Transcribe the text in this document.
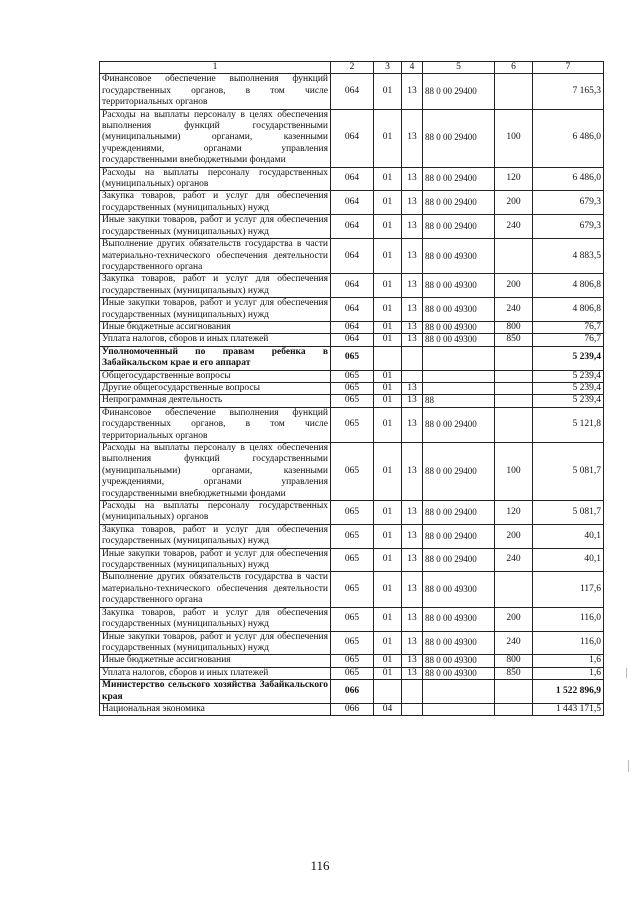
1	2	3	4	5	6	7
Финансовое обеспечение выполнения функций государственных органов, в том числе территориальных органов	064	01	13	88 0 00 29400		7 165,3
Расходы на выплаты персоналу в целях обеспечения выполнения функций государственными (муниципальными) органами, казенными учреждениями, органами управления государственными внебюджетными фондами	064	01	13	88 0 00 29400	100	6 486,0
Расходы на выплаты персоналу государственных (муниципальных) органов	064	01	13	88 0 00 29400	120	6 486,0
Закупка товаров, работ и услуг для обеспечения государственных (муниципальных) нужд	064	01	13	88 0 00 29400	200	679,3
Иные закупки товаров, работ и услуг для обеспечения государственных (муниципальных) нужд	064	01	13	88 0 00 29400	240	679,3
Выполнение других обязательств государства в части материально-технического обеспечения деятельности государственного органа	064	01	13	88 0 00 49300		4 883,5
Закупка товаров, работ и услуг для обеспечения государственных (муниципальных) нужд	064	01	13	88 0 00 49300	200	4 806,8
Иные закупки товаров, работ и услуг для обеспечения государственных (муниципальных) нужд	064	01	13	88 0 00 49300	240	4 806,8
Иные бюджетные ассигнования	064	01	13	88 0 00 49300	800	76,7
Уплата налогов, сборов и иных платежей	064	01	13	88 0 00 49300	850	76,7
Уполномоченный по правам ребенка в Забайкальском крае и его аппарат	065					5 239,4
Общегосударственные вопросы	065	01				5 239,4
Другие общегосударственные вопросы	065	01	13			5 239,4
Непрограммная деятельность	065	01	13	88		5 239,4
Финансовое обеспечение выполнения функций государственных органов, в том числе территориальных органов	065	01	13	88 0 00 29400		5 121,8
Расходы на выплаты персоналу в целях обеспечения выполнения функций государственными (муниципальными) органами, казенными учреждениями, органами управления государственными внебюджетными фондами	065	01	13	88 0 00 29400	100	5 081,7
Расходы на выплаты персоналу государственных (муниципальных) органов	065	01	13	88 0 00 29400	120	5 081,7
Закупка товаров, работ и услуг для обеспечения государственных (муниципальных) нужд	065	01	13	88 0 00 29400	200	40,1
Иные закупки товаров, работ и услуг для обеспечения государственных (муниципальных) нужд	065	01	13	88 0 00 29400	240	40,1
Выполнение других обязательств государства в части материально-технического обеспечения деятельности государственного органа	065	01	13	88 0 00 49300		117,6
Закупка товаров, работ и услуг для обеспечения государственных (муниципальных) нужд	065	01	13	88 0 00 49300	200	116,0
Иные закупки товаров, работ и услуг для обеспечения государственных (муниципальных) нужд	065	01	13	88 0 00 49300	240	116,0
Иные бюджетные ассигнования	065	01	13	88 0 00 49300	800	1,6
Уплата налогов, сборов и иных платежей	065	01	13	88 0 00 49300	850	1,6
Министерство сельского хозяйства Забайкальского края	066					1 522 896,9
Национальная экономика	066	04				1 443 171,5
116
